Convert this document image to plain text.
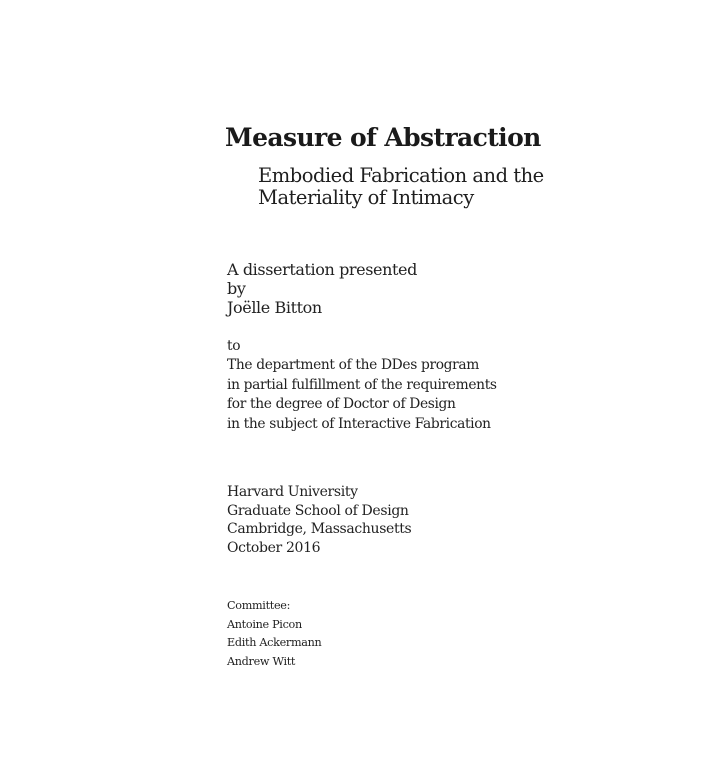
Measure of Abstraction
Embodied Fabrication and the
Materiality of Intimacy
A dissertation presented
by
Joëlle Bitton
to
The department of the DDes program
in partial fulfillment of the requirements
for the degree of Doctor of Design
in the subject of Interactive Fabrication
Harvard University
Graduate School of Design
Cambridge, Massachusetts
October 2016
Committee:
Antoine Picon
Edith Ackermann
Andrew Witt
